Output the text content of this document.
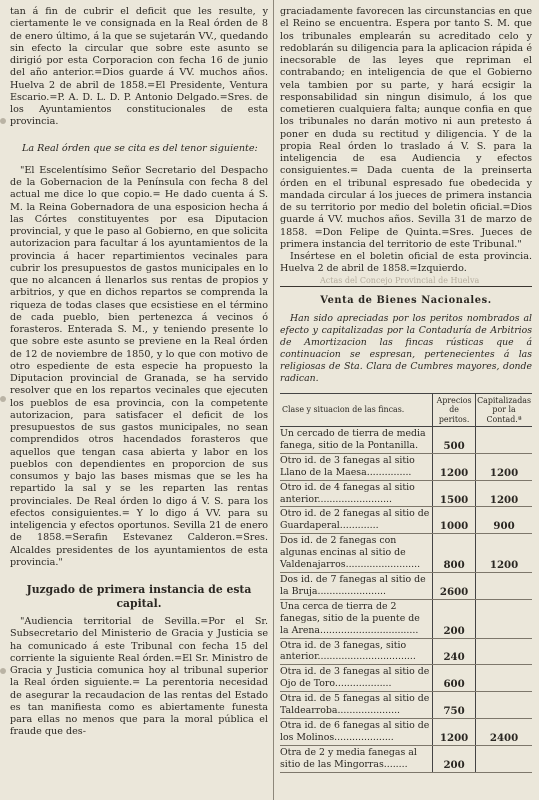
tan á fin de cubrir el deficit que les resulte, y ciertamente le ve consignada en la Real órden de 8 de enero último, á la que se sujetarán VV., quedando sin efecto la circular que sobre este asunto se dirigió por esta Corporacion con fecha 16 de junio del año anterior.=Dios guarde á VV. muchos años. Huelva 2 de abril de 1858.=El Presidente, Ventura Escario.=P. A. D. L. D. P. Antonio Delgado.=Sres. de los Ayuntamientos constitucionales de esta provincia.

La Real órden que se cita es del tenor siguiente:

"El Escelentísimo Señor Secretario del Despacho de la Gobernacion de la Península con fecha 8 del actual me dice lo que copio.= He dado cuenta á S. M. la Reina Gobernadora de una esposicion hecha á las Córtes constituyentes por esa Diputacion provincial, y que le paso al Gobierno, en que solicita autorizacion para facultar á los ayuntamientos de la provincia á hacer repartimientos vecinales para cubrir los presupuestos de gastos municipales en lo que no alcancen á llenarlos sus rentas de propios y arbitrios, y que en dichos repartos se comprenda la riqueza de todas clases que ecsistiese en el término de cada pueblo, bien pertenezca á vecinos ó forasteros. Enterada S. M., y teniendo presente lo que sobre este asunto se previene en la Real órden de 12 de noviembre de 1850, y lo que con motivo de otro espediente de esta especie ha propuesto la Diputacion provincial de Granada, se ha servido resolver que en los repartos vecinales que ejecuten los pueblos de esa provincia, con la competente autorizacion, para satisfacer el deficit de los presupuestos de sus gastos municipales, no sean comprendidos otros hacendados forasteros que aquellos que tengan casa abierta y labor en los pueblos con dependientes en proporcion de sus consumos y bajo las bases mismas que se les ha repartido la sal y se les reparten las rentas provinciales. De Real órden lo digo á V. S. para los efectos consiguientes.= Y lo digo á VV. para su inteligencia y efectos oportunos. Sevilla 21 de enero de 1858.=Serafin Estevanez Calderon.=Sres. Alcaldes presidentes de los ayuntamientos de esta provincia."

Juzgado de primera instancia de esta capital.

"Audiencia territorial de Sevilla.=Por el Sr. Subsecretario del Ministerio de Gracia y Justicia se ha comunicado á este Tribunal con fecha 15 del corriente la siguiente Real órden.=El Sr. Ministro de Gracia y Justicia comunica hoy al tribunal superior la Real órden siguiente.= La perentoria necesidad de asegurar la recaudacion de las rentas del Estado es tan manifiesta como es abiertamente funesta para ellas no menos que para la moral pública el fraude que des-

graciadamente favorecen las circunstancias en que el Reino se encuentra. Espera por tanto S. M. que los tribunales emplearán su acreditado celo y redoblarán su diligencia para la aplicacion rápida é inecsorable de las leyes que repriman el contrabando; en inteligencia de que el Gobierno vela tambien por su parte, y hará ecsigir la responsabilidad sin ningun disimulo, á los que cometieren cualquiera falta; aunque confia en que los tribunales no darán motivo ni aun pretesto á poner en duda su rectitud y diligencia. Y de la propia Real órden lo traslado á V. S. para la inteligencia de esa Audiencia y efectos consiguientes.= Dada cuenta de la preinserta órden en el tribunal espresado fue obedecida y mandada circular á los jueces de primera instancia de su territorio por medio del boletin oficial.=Dios guarde á VV. muchos años. Sevilla 31 de marzo de 1858. =Don Felipe de Quinta.=Sres. Jueces de primera instancia del territorio de este Tribunal."

Insértese en el boletin oficial de esta provincia. Huelva 2 de abril de 1858.=Izquierdo.

Venta de Bienes Nacionales.

Han sido apreciadas por los peritos nombrados al efecto y capitalizadas por la Contaduría de Arbitrios de Amortizacion las fincas rústicas que á continuacion se espresan, pertenecientes á las religiosas de Sta. Clara de Cumbres mayores, donde radican.

Clase y situacion de las fincas.	Aprecios de peritos.	Capitalizadas por la Contad.ª
Un cercado de tierra de media fanega, sitio de la Pontanilla.	500	
Otro id. de 3 fanegas al sitio Llano de la Maesa...............	1200	1200
Otro id. de 4 fanegas al sitio anterior.........................	1500	1200
Otro id. de 2 fanegas al sitio de Guardaperal.............	1000	900
Dos id. de 2 fanegas con algunas encinas al sitio de Valdenajarros.........................	800	1200
Dos id. de 7 fanegas al sitio de la Bruja.......................	2600	
Una cerca de tierra de 2 fanegas, sitio de la puente de la Arena.................................	200	
Otra id. de 3 fanegas, sitio anterior.................................	240	
Otra id. de 3 fanegas al sitio de Ojo de Toro...................	600	
Otra id. de 5 fanegas al sitio de Taldearroba.....................	750	
Otra id. de 6 fanegas al sitio de los Molinos....................	1200	2400
Otra de 2 y media fanegas al sitio de las Mingorras........	200	
Actas del Concejo Provincial de Huelva
